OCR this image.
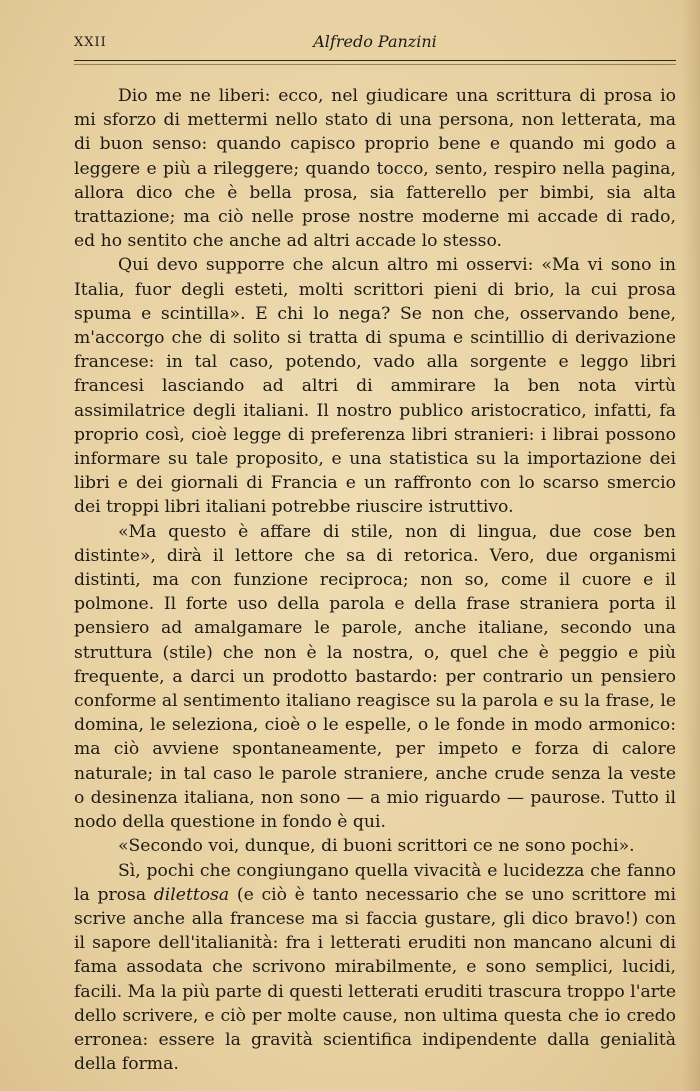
XXII	Alfredo Panzini

Dio me ne liberi: ecco, nel giudicare una scrittura di prosa io mi sforzo di mettermi nello stato di una persona, non letterata, ma di buon senso: quando capisco proprio bene e quando mi godo a leggere e più a rileggere; quando tocco, sento, respiro nella pagina, allora dico che è bella prosa, sia fatterello per bimbi, sia alta trattazione; ma ciò nelle prose nostre moderne mi accade di rado, ed ho sentito che anche ad altri accade lo stesso.

Qui devo supporre che alcun altro mi osservi: «Ma vi sono in Italia, fuor degli esteti, molti scrittori pieni di brio, la cui prosa spuma e scintilla». E chi lo nega? Se non che, osservando bene, m'accorgo che di solito si tratta di spuma e scintillio di derivazione francese: in tal caso, potendo, vado alla sorgente e leggo libri francesi lasciando ad altri di ammirare la ben nota virtù assimilatrice degli italiani. Il nostro publico aristocratico, infatti, fa proprio così, cioè legge di preferenza libri stranieri: i librai possono informare su tale proposito, e una statistica su la importazione dei libri e dei giornali di Francia e un raffronto con lo scarso smercio dei troppi libri italiani potrebbe riuscire istruttivo.

«Ma questo è affare di stile, non di lingua, due cose ben distinte», dirà il lettore che sa di retorica. Vero, due organismi distinti, ma con funzione reciproca; non so, come il cuore e il polmone. Il forte uso della parola e della frase straniera porta il pensiero ad amalgamare le parole, anche italiane, secondo una struttura (stile) che non è la nostra, o, quel che è peggio e più frequente, a darci un prodotto bastardo: per contrario un pensiero conforme al sentimento italiano reagisce su la parola e su la frase, le domina, le seleziona, cioè o le espelle, o le fonde in modo armonico: ma ciò avviene spontaneamente, per impeto e forza di calore naturale; in tal caso le parole straniere, anche crude senza la veste o desinenza italiana, non sono — a mio riguardo — paurose. Tutto il nodo della questione in fondo è qui.

«Secondo voi, dunque, di buoni scrittori ce ne sono pochi».

Sì, pochi che congiungano quella vivacità e lucidezza che fanno la prosa dilettosa (e ciò è tanto necessario che se uno scrittore mi scrive anche alla francese ma si faccia gustare, gli dico bravo!) con il sapore dell'italianità: fra i letterati eruditi non mancano alcuni di fama assodata che scrivono mirabilmente, e sono semplici, lucidi, facili. Ma la più parte di questi letterati eruditi trascura troppo l'arte dello scrivere, e ciò per molte cause, non ultima questa che io credo erronea: essere la gravità scientifica indipendente dalla genialità della forma.
